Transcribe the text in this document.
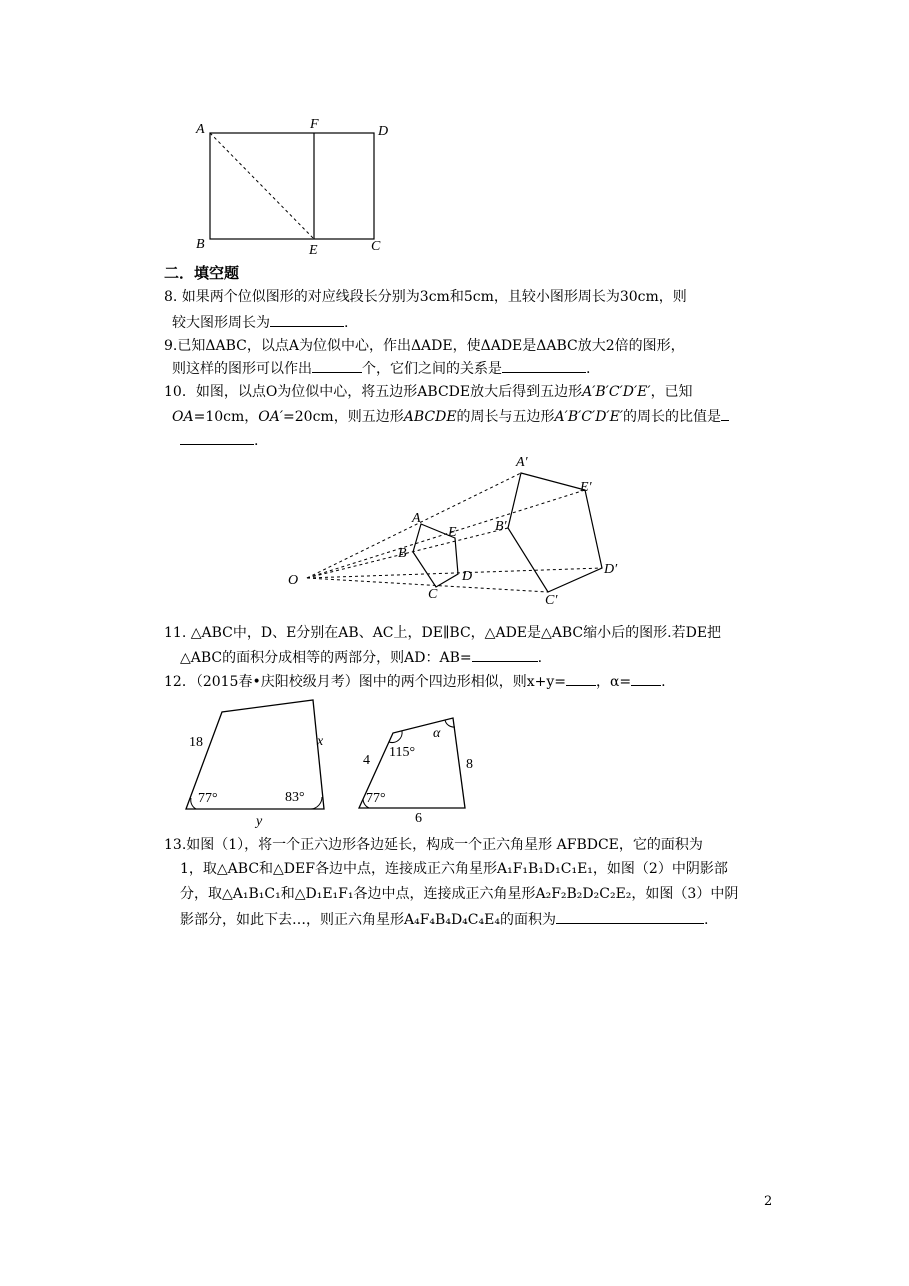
A	F	D
B	E	C
A′
E′
A
E	B′
B
O	D
C
D′
C′
18	x
77°	83°
y
4
115°
α
8
77°
6
二．填空题
8. 如果两个位似图形的对应线段长分别为3cm和5cm，且较小图形周长为30cm，则
较大图形周长为	.
9.已知ΔABC，以点A为位似中心，作出ΔADE，使ΔADE是ΔABC放大2倍的图形，
则这样的图形可以作出	个，它们之间的关系是	.
10．如图，以点O为位似中心，将五边形ABCDE放大后得到五边形A′B′C′D′E′，已知
OA=10cm，OA′=20cm，则五边形ABCDE的周长与五边形A′B′C′D′E′的周长的比值是
.
11. △ABC中，D、E分别在AB、AC上，DE∥BC，△ADE是△ABC缩小后的图形.若DE把
△ABC的面积分成相等的两部分，则AD：AB=	.
12．（2015春•庆阳校级月考）图中的两个四边形相似，则x+y= ，α= .
13.如图（1），将一个正六边形各边延长，构成一个正六角星形 AFBDCE，它的面积为
1，取△ABC和△DEF各边中点，连接成正六角星形A₁F₁B₁D₁C₁E₁，如图（2）中阴影部
分，取△A₁B₁C₁和△D₁E₁F₁各边中点，连接成正六角星形A₂F₂B₂D₂C₂E₂，如图（3）中阴
影部分，如此下去…，则正六角星形A₄F₄B₄D₄C₄E₄的面积为	.
2
